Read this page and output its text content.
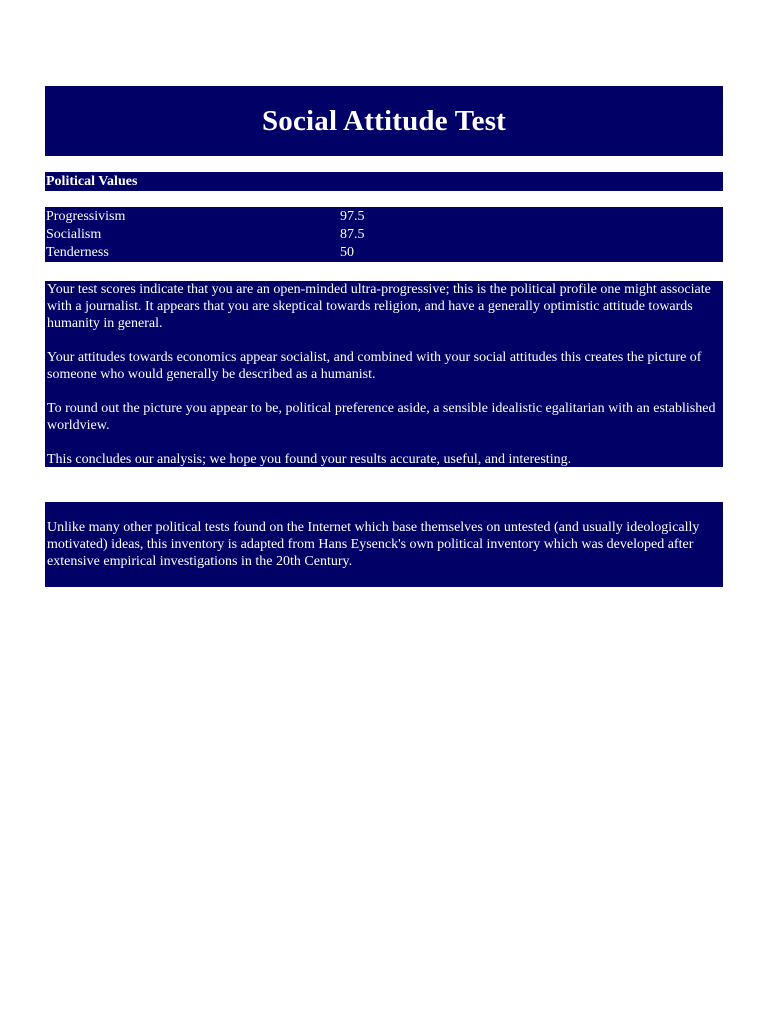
Social Attitude Test
Political Values
Progressivism	97.5
Socialism	87.5
Tenderness	50

Your test scores indicate that you are an open-minded ultra-progressive; this is the political profile one might associate with a journalist. It appears that you are skeptical towards religion, and have a generally optimistic attitude towards humanity in general.

Your attitudes towards economics appear socialist, and combined with your social attitudes this creates the picture of someone who would generally be described as a humanist.

To round out the picture you appear to be, political preference aside, a sensible idealistic egalitarian with an established worldview.

This concludes our analysis; we hope you found your results accurate, useful, and interesting.

Unlike many other political tests found on the Internet which base themselves on untested (and usually ideologically motivated) ideas, this inventory is adapted from Hans Eysenck's own political inventory which was developed after extensive empirical investigations in the 20th Century.
